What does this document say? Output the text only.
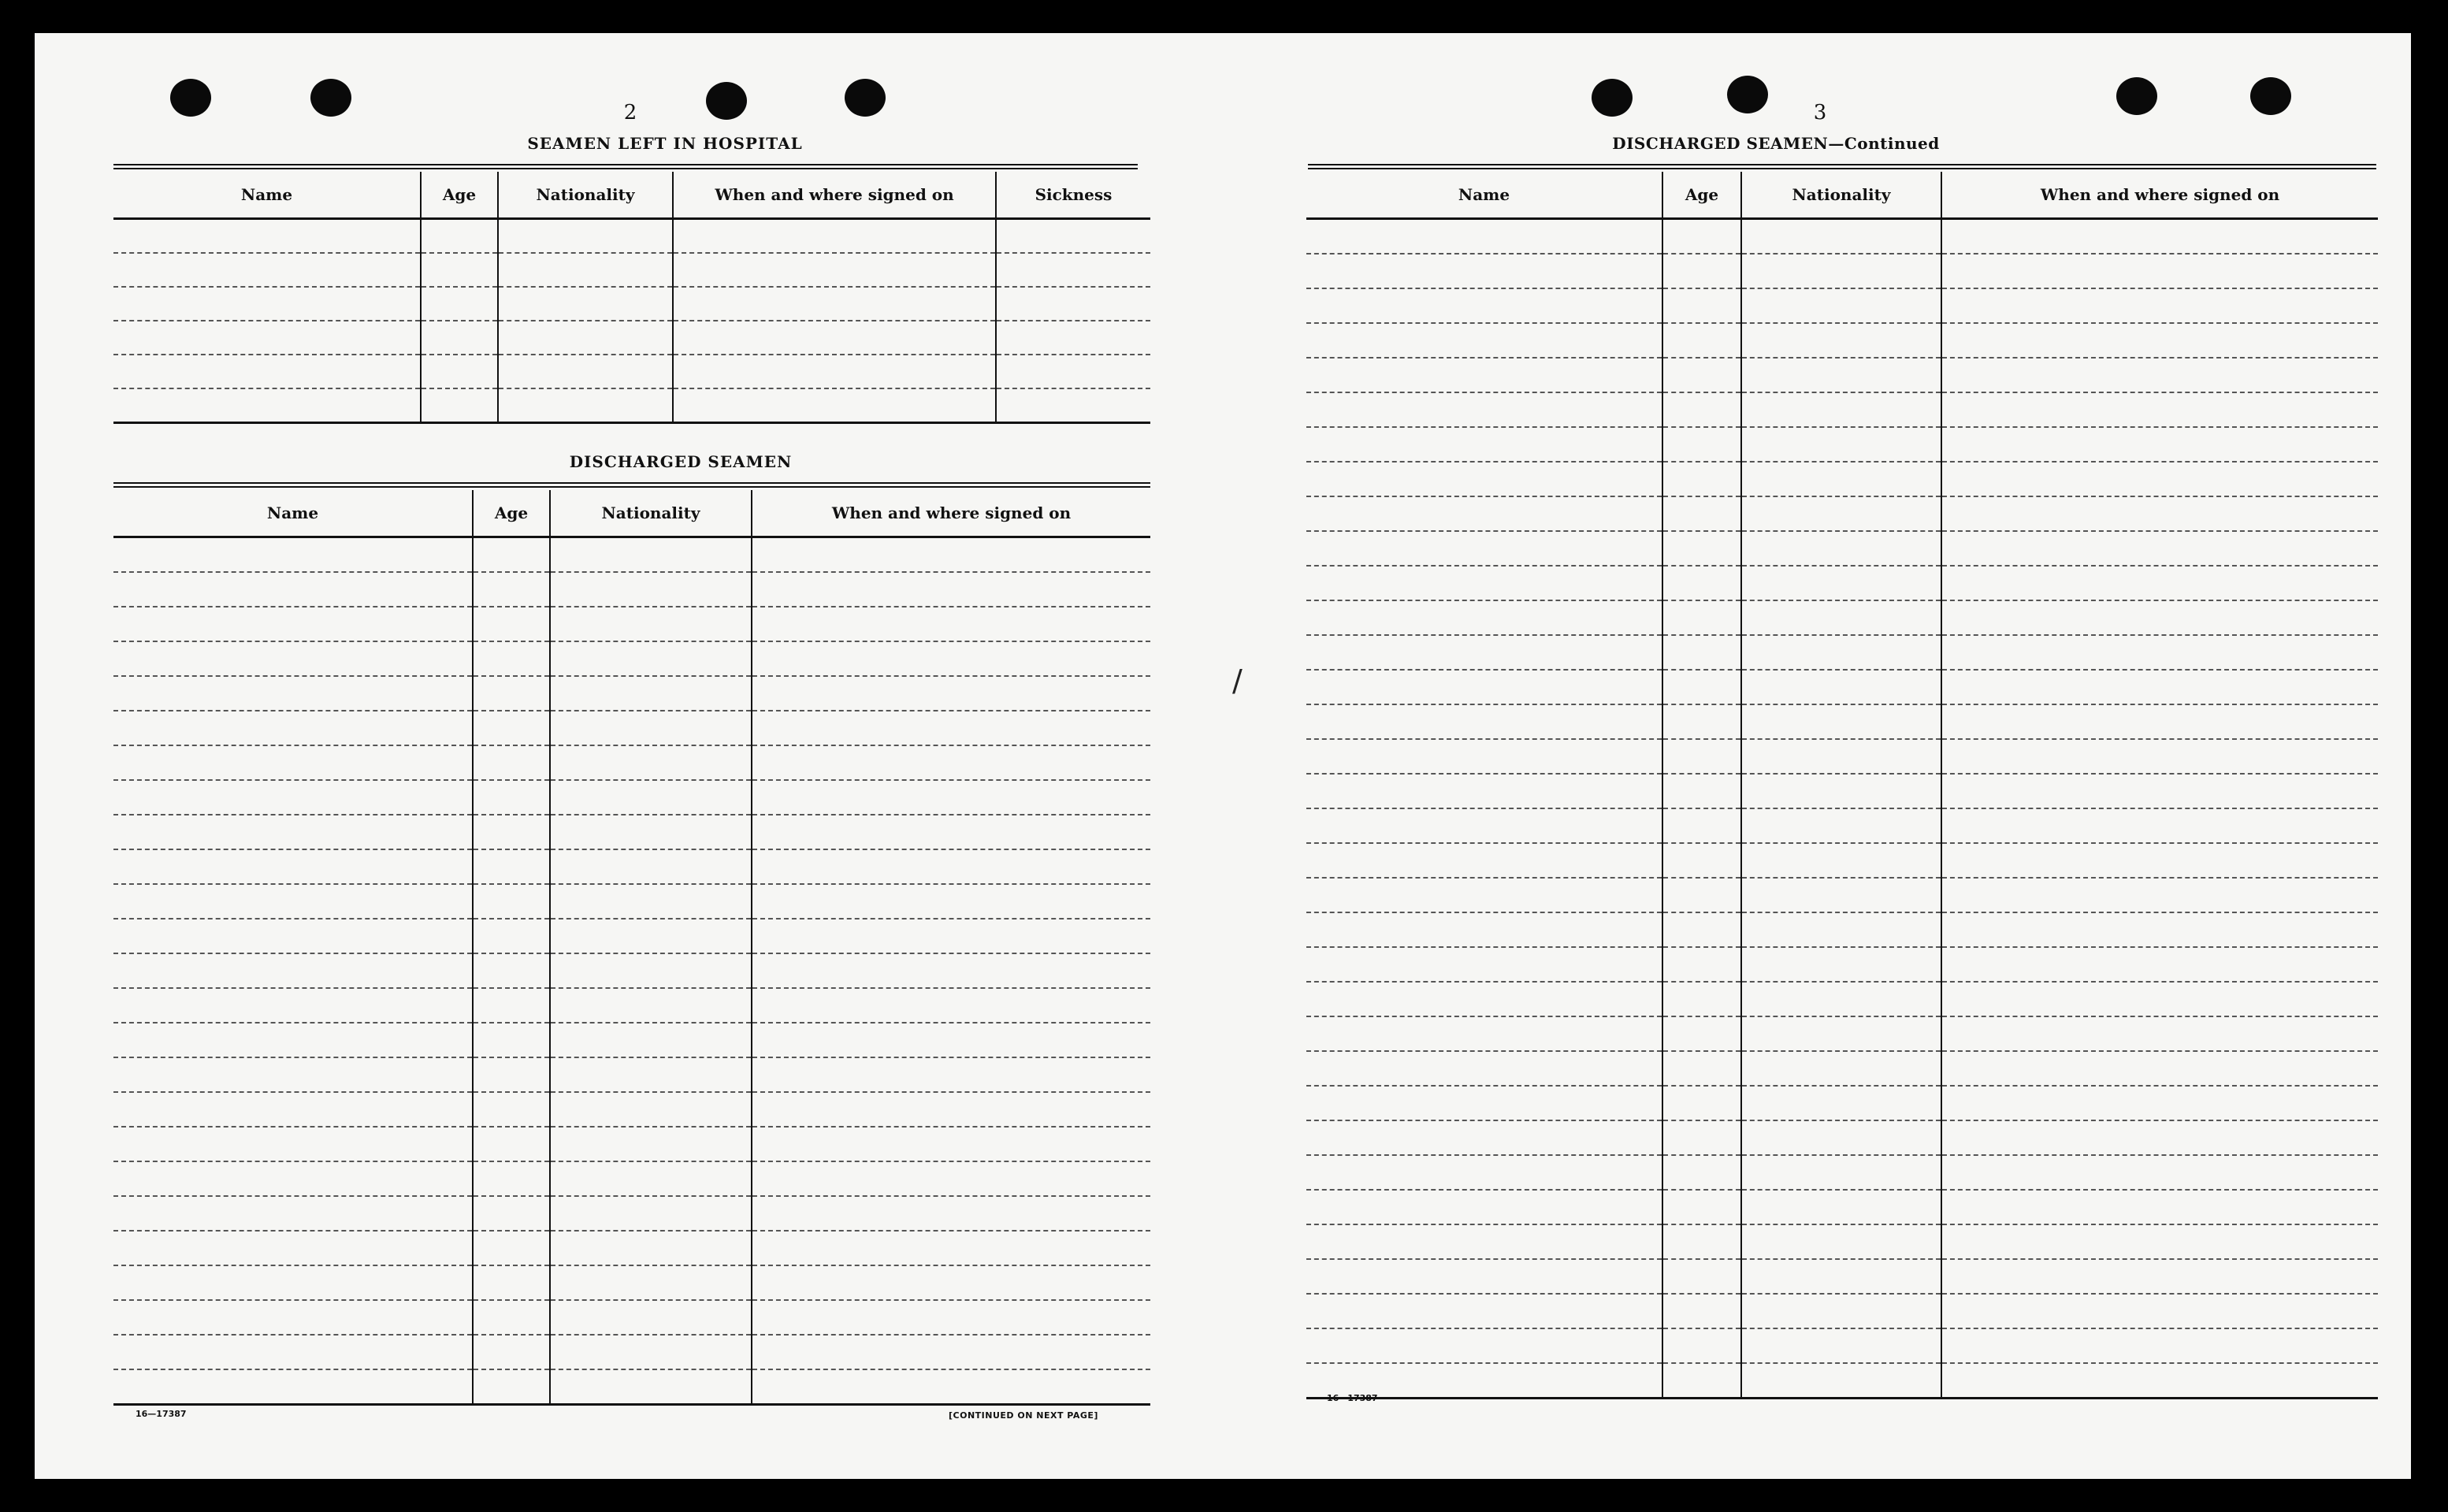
/
2
SEAMEN LEFT IN HOSPITAL
Name	Age	Nationality	When and where signed on	Sickness

DISCHARGED SEAMEN
Name	Age	Nationality	When and where signed on

16—17387	[CONTINUED ON NEXT PAGE]
3
DISCHARGED SEAMEN—Continued
Name	Age	Nationality	When and where signed on

16—17387
